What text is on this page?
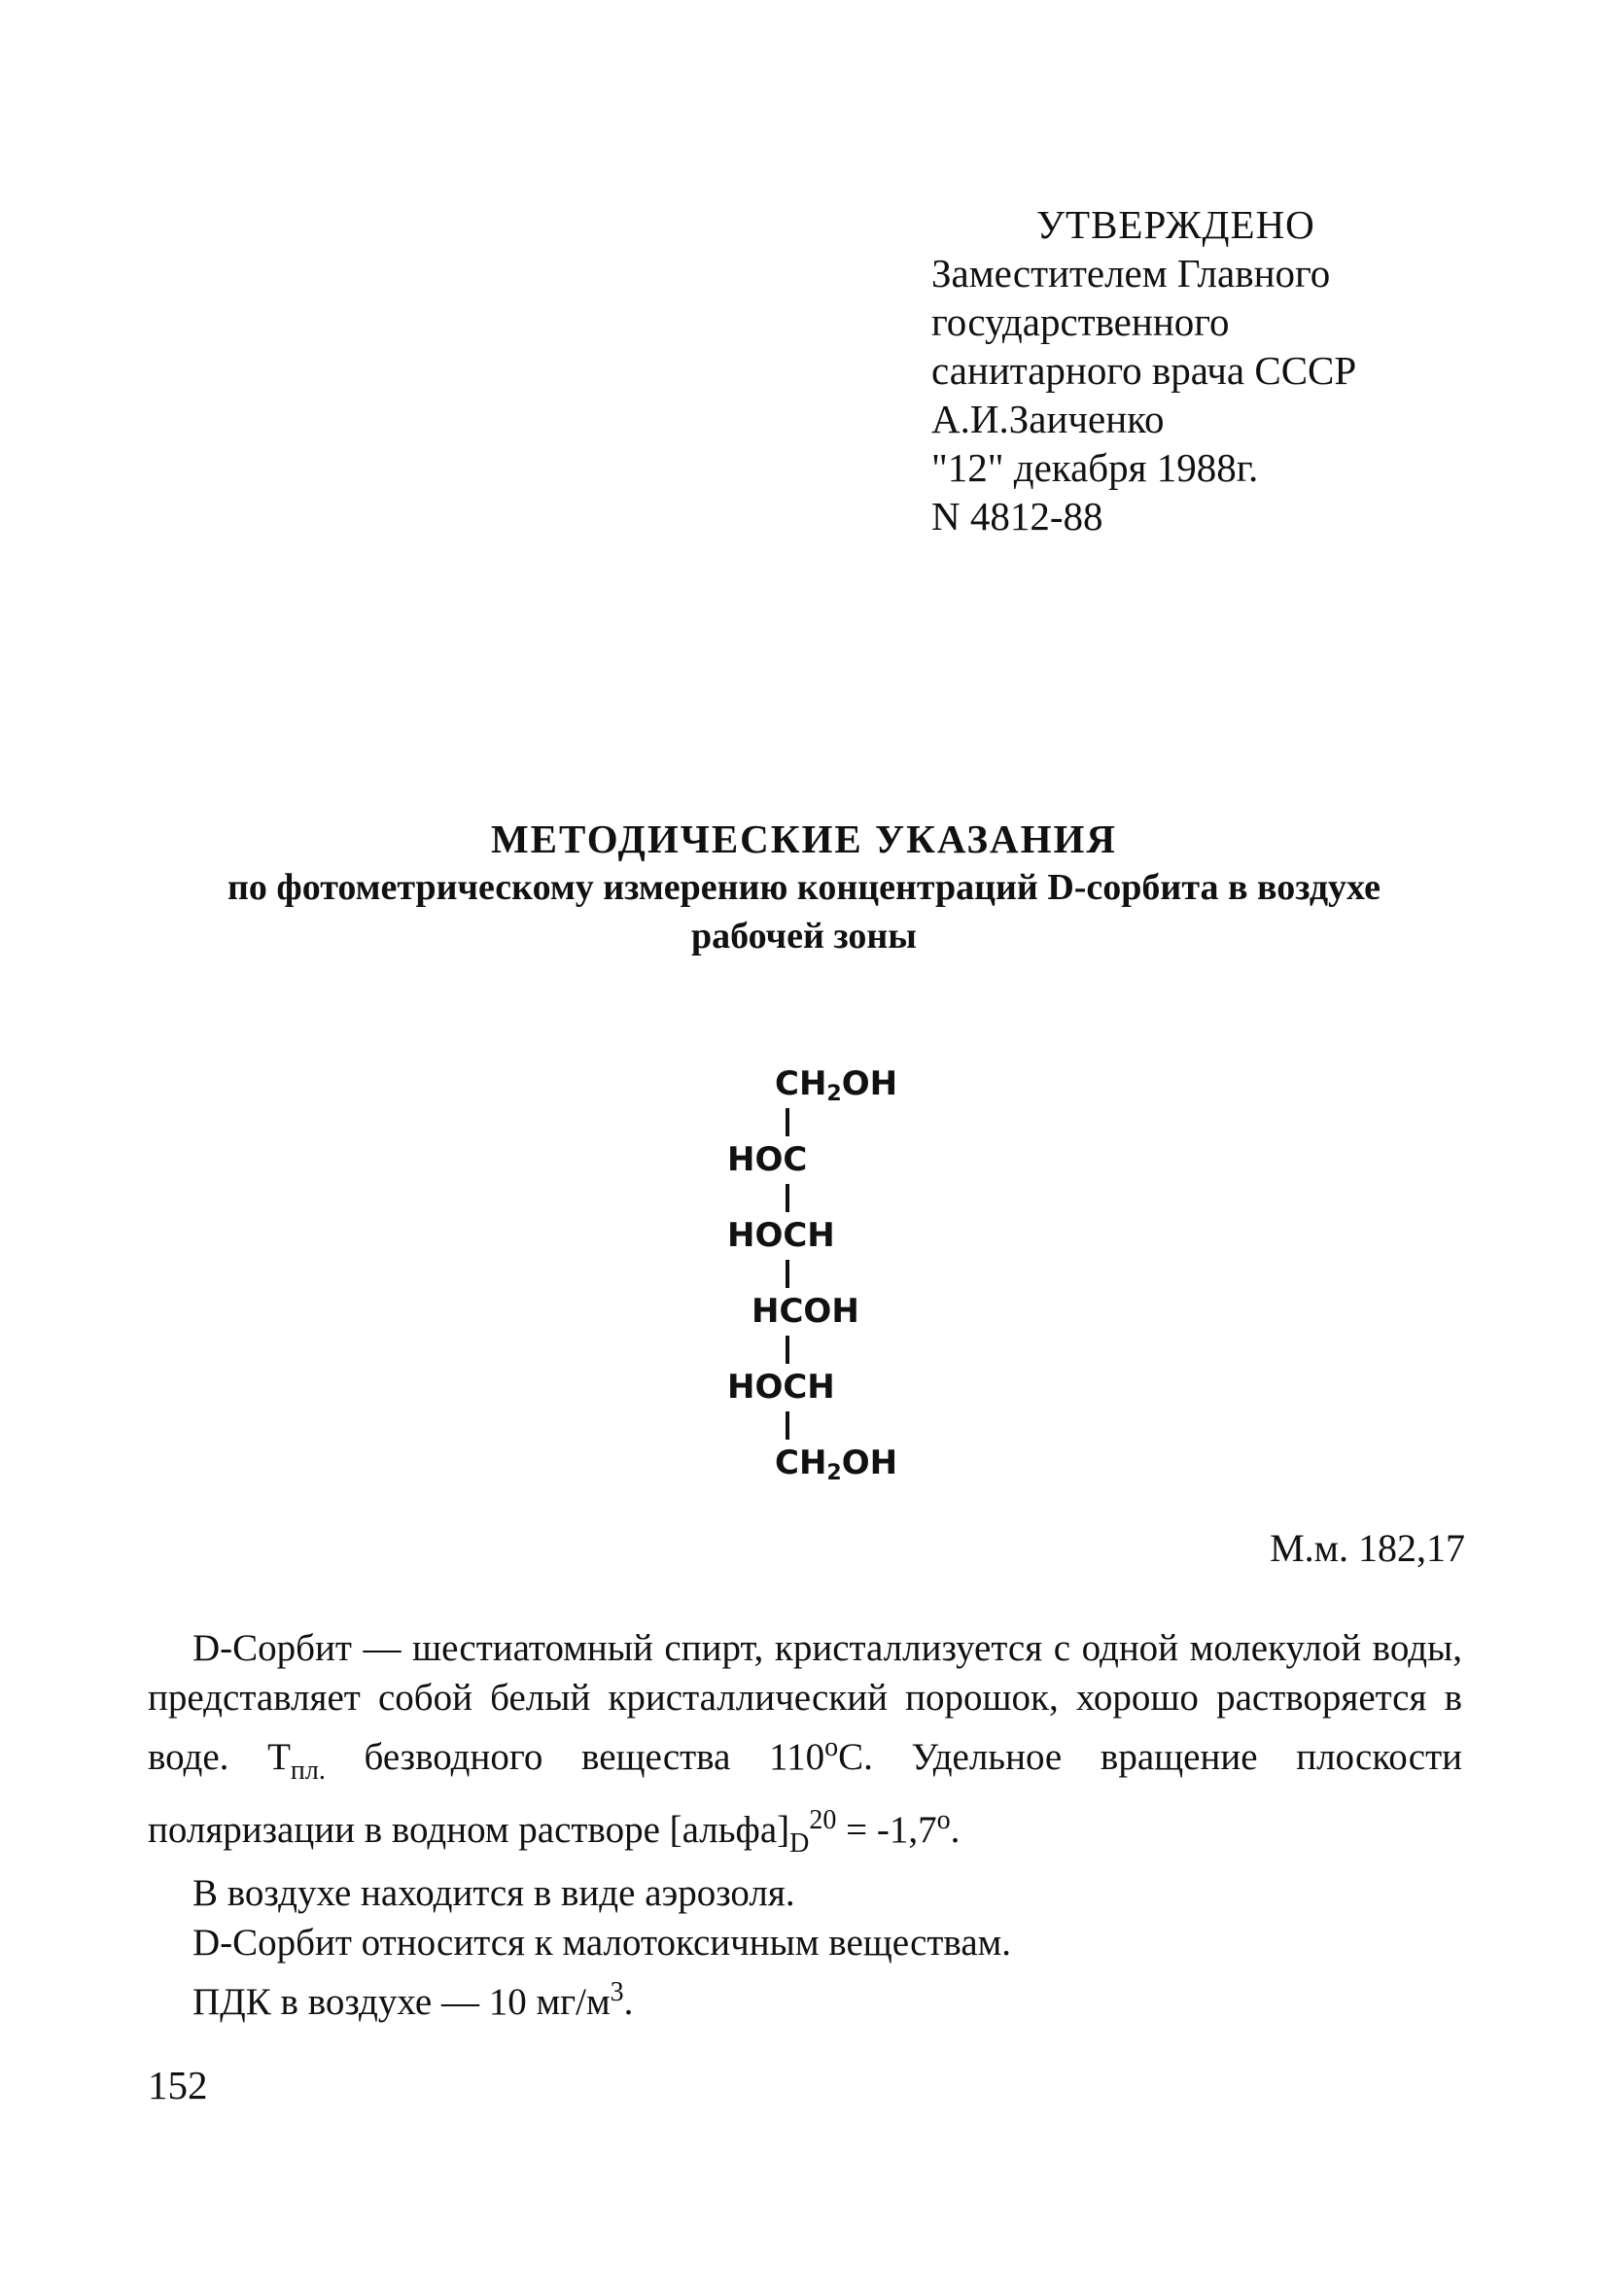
УТВЕРЖДЕНО
Заместителем Главного
государственного
санитарного врача СССР
А.И.Заиченко
"12" декабря 1988г.
N 4812-88
МЕТОДИЧЕСКИЕ УКАЗАНИЯ
по фотометрическому измерению концентраций D-сорбита в воздухе рабочей зоны
$CH_2OH$
HOC
HOCH
HCOH
HOCH
$CH_2OH$
М.м. 182,17

D-Сорбит — шестиатомный спирт, кристаллизуется с одной молекулой воды, представляет собой белый кристаллический порошок, хорошо растворяется в воде. $Т_{пл.}$ безводного вещества $110^оС$. Удельное вращение плоскости поляризации в водном растворе $[альфа]_D^{20} = -1,7^о$.

В воздухе находится в виде аэрозоля.

D-Сорбит относится к малотоксичным веществам.

ПДК в воздухе — 10 $мг/м^3$.

152
